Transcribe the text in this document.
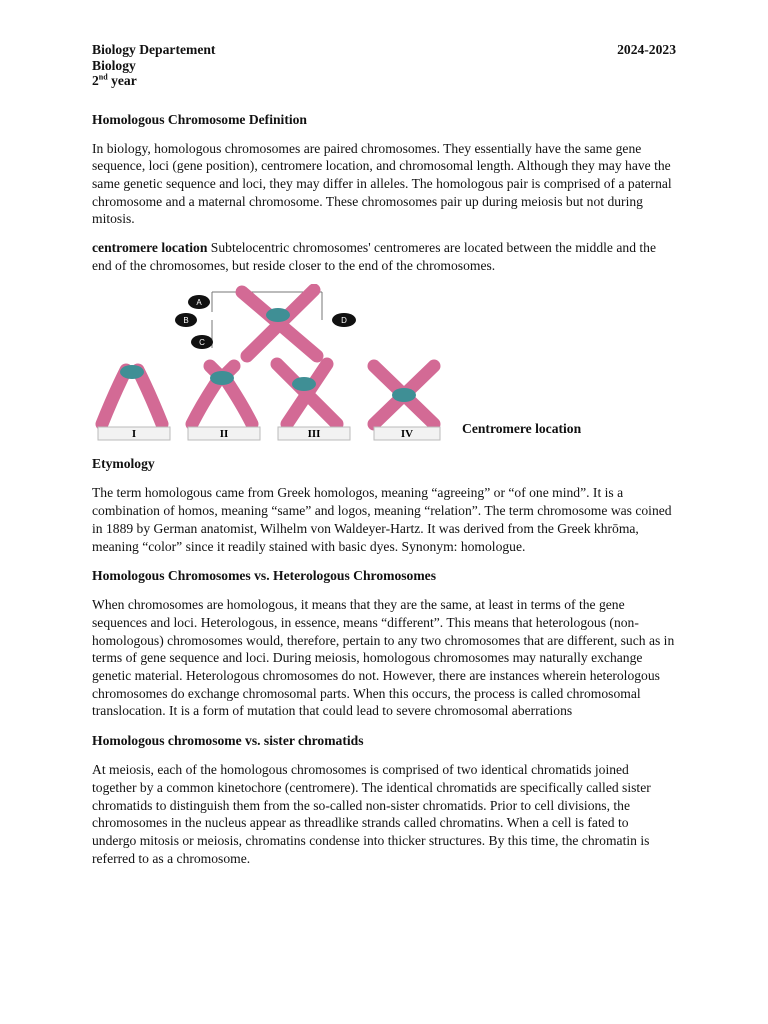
Biology Departement
Biology
2nd year
2024-2023
Homologous Chromosome Definition

In biology, homologous chromosomes are paired chromosomes. They essentially have the same gene sequence, loci (gene position), centromere location, and chromosomal length. Although they may have the same genetic sequence and loci, they may differ in alleles. The homologous pair is comprised of a paternal chromosome and a maternal chromosome. These chromosomes pair up during meiosis but not during mitosis.

centromere location Subtelocentric chromosomes' centromeres are located between the middle and the end of the chromosomes, but reside closer to the end of the chromosomes.

A
B
C
D
I	II	III	IV	Centromere location
Etymology

The term homologous came from Greek homologos, meaning “agreeing” or “of one mind”. It is a combination of homos, meaning “same” and logos, meaning “relation”. The term chromosome was coined in 1889 by German anatomist, Wilhelm von Waldeyer-Hartz. It was derived from the Greek khrōma, meaning “color” since it readily stained with basic dyes. Synonym: homologue.

Homologous Chromosomes vs. Heterologous Chromosomes

When chromosomes are homologous, it means that they are the same, at least in terms of the gene sequences and loci. Heterologous, in essence, means “different”. This means that heterologous (non-homologous) chromosomes would, therefore, pertain to any two chromosomes that are different, such as in terms of gene sequence and loci. During meiosis, homologous chromosomes may naturally exchange genetic material. Heterologous chromosomes do not. However, there are instances wherein heterologous chromosomes do exchange chromosomal parts. When this occurs, the process is called chromosomal translocation. It is a form of mutation that could lead to severe chromosomal aberrations

Homologous chromosome vs. sister chromatids

At meiosis, each of the homologous chromosomes is comprised of two identical chromatids joined together by a common kinetochore (centromere). The identical chromatids are specifically called sister chromatids to distinguish them from the so-called non-sister chromatids. Prior to cell divisions, the chromosomes in the nucleus appear as threadlike strands called chromatins. When a cell is fated to undergo mitosis or meiosis, chromatins condense into thicker structures. By this time, the chromatin is referred to as a chromosome.
